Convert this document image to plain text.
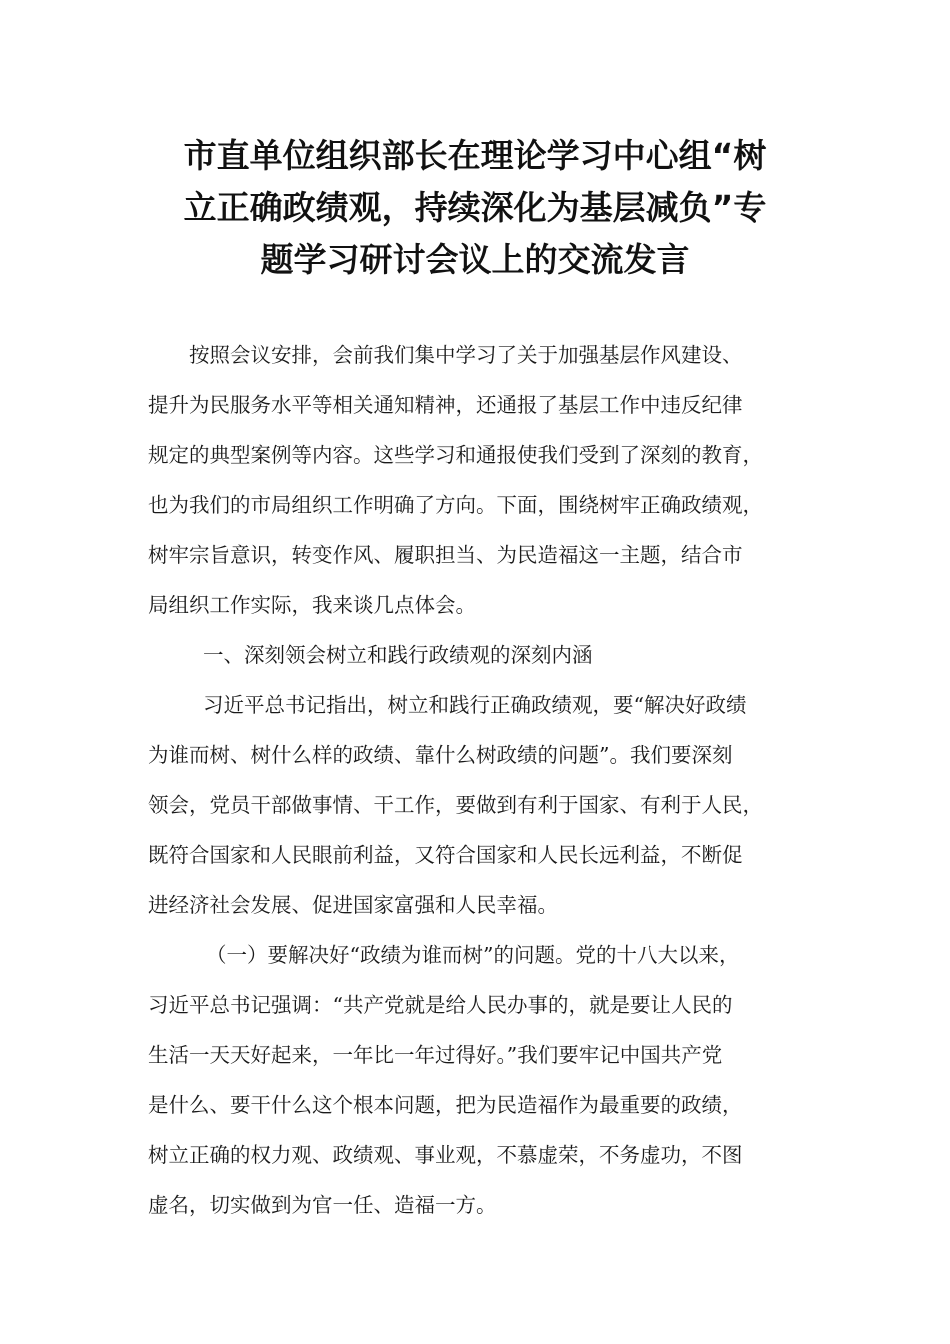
市直单位组织部长在理论学习中心组“树
立正确政绩观，持续深化为基层减负”专
题学习研讨会议上的交流发言
按照会议安排，会前我们集中学习了关于加强基层作风建设、
提升为民服务水平等相关通知精神，还通报了基层工作中违反纪律
规定的典型案例等内容。这些学习和通报使我们受到了深刻的教育，
也为我们的市局组织工作明确了方向。下面，围绕树牢正确政绩观，
树牢宗旨意识，转变作风、履职担当、为民造福这一主题，结合市
局组织工作实际，我来谈几点体会。
一、深刻领会树立和践行政绩观的深刻内涵
习近平总书记指出，树立和践行正确政绩观，要“解决好政绩
为谁而树、树什么样的政绩、靠什么树政绩的问题”。我们要深刻
领会，党员干部做事情、干工作，要做到有利于国家、有利于人民，
既符合国家和人民眼前利益，又符合国家和人民长远利益，不断促
进经济社会发展、促进国家富强和人民幸福。
（一）要解决好“政绩为谁而树”的问题。党的十八大以来，
习近平总书记强调：“共产党就是给人民办事的，就是要让人民的
生活一天天好起来，一年比一年过得好。”我们要牢记中国共产党
是什么、要干什么这个根本问题，把为民造福作为最重要的政绩，
树立正确的权力观、政绩观、事业观，不慕虚荣，不务虚功，不图
虚名，切实做到为官一任、造福一方。
